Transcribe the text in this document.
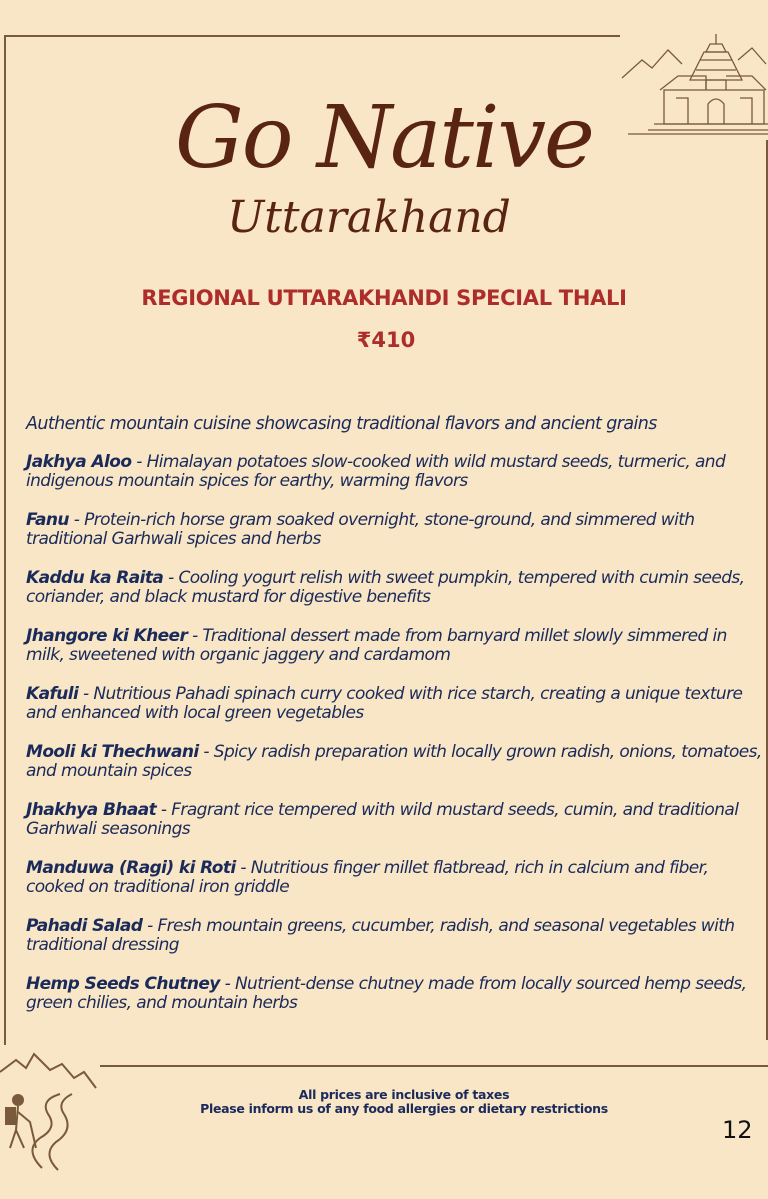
Go Native
Uttarakhand
REGIONAL UTTARAKHANDI SPECIAL THALI
₹410
Authentic mountain cuisine showcasing traditional flavors and ancient grains

Jakhya Aloo - Himalayan potatoes slow-cooked with wild mustard seeds, turmeric, and indigenous mountain spices for earthy, warming flavors

Fanu - Protein-rich horse gram soaked overnight, stone-ground, and simmered with traditional Garhwali spices and herbs

Kaddu ka Raita - Cooling yogurt relish with sweet pumpkin, tempered with cumin seeds, coriander, and black mustard for digestive benefits

Jhangore ki Kheer - Traditional dessert made from barnyard millet slowly simmered in milk, sweetened with organic jaggery and cardamom

Kafuli - Nutritious Pahadi spinach curry cooked with rice starch, creating a unique texture and enhanced with local green vegetables

Mooli ki Thechwani - Spicy radish preparation with locally grown radish, onions, tomatoes, and mountain spices

Jhakhya Bhaat - Fragrant rice tempered with wild mustard seeds, cumin, and traditional Garhwali seasonings

Manduwa (Ragi) ki Roti - Nutritious finger millet flatbread, rich in calcium and fiber, cooked on traditional iron griddle

Pahadi Salad - Fresh mountain greens, cucumber, radish, and seasonal vegetables with traditional dressing

Hemp Seeds Chutney - Nutrient-dense chutney made from locally sourced hemp seeds, green chilies, and mountain herbs

All prices are inclusive of taxes
Please inform us of any food allergies or dietary restrictions
12
